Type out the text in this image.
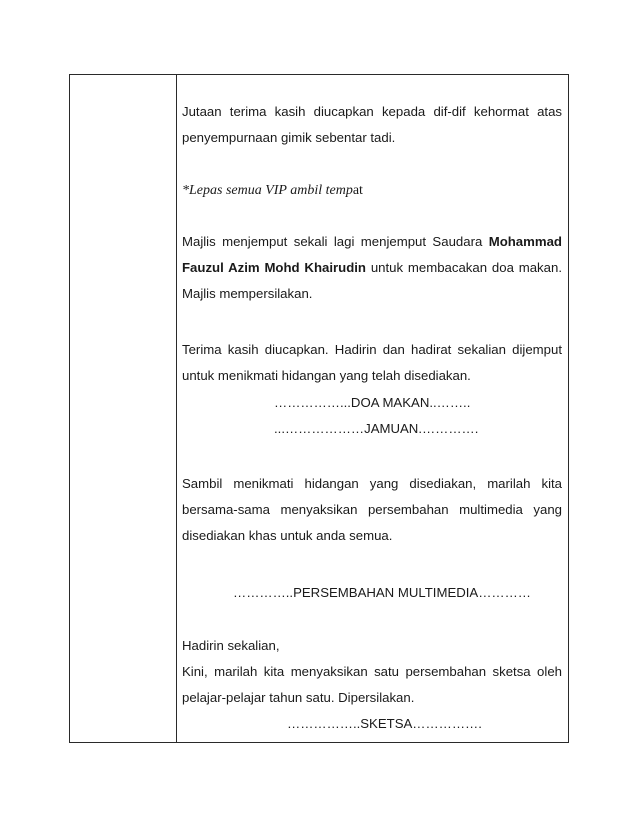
Jutaan terima kasih diucapkan kepada dif-dif kehormat atas
penyempurnaan gimik sebentar tadi.
*Lepas semua VIP ambil tempat
Majlis menjemput sekali lagi menjemput Saudara Mohammad
Fauzul Azim Mohd Khairudin untuk membacakan doa makan.
Majlis mempersilakan.
Terima kasih diucapkan. Hadirin dan hadirat sekalian dijemput
untuk menikmati hidangan yang telah disediakan.
……………...DOA MAKAN..……..
...………………JAMUAN.………….
Sambil menikmati hidangan yang disediakan, marilah kita
bersama-sama menyaksikan persembahan multimedia yang
disediakan khas untuk anda semua.
…………..PERSEMBAHAN MULTIMEDIA…………
Hadirin sekalian,
Kini, marilah kita menyaksikan satu persembahan sketsa oleh
pelajar-pelajar tahun satu. Dipersilakan.
……………..SKETSA…………….
